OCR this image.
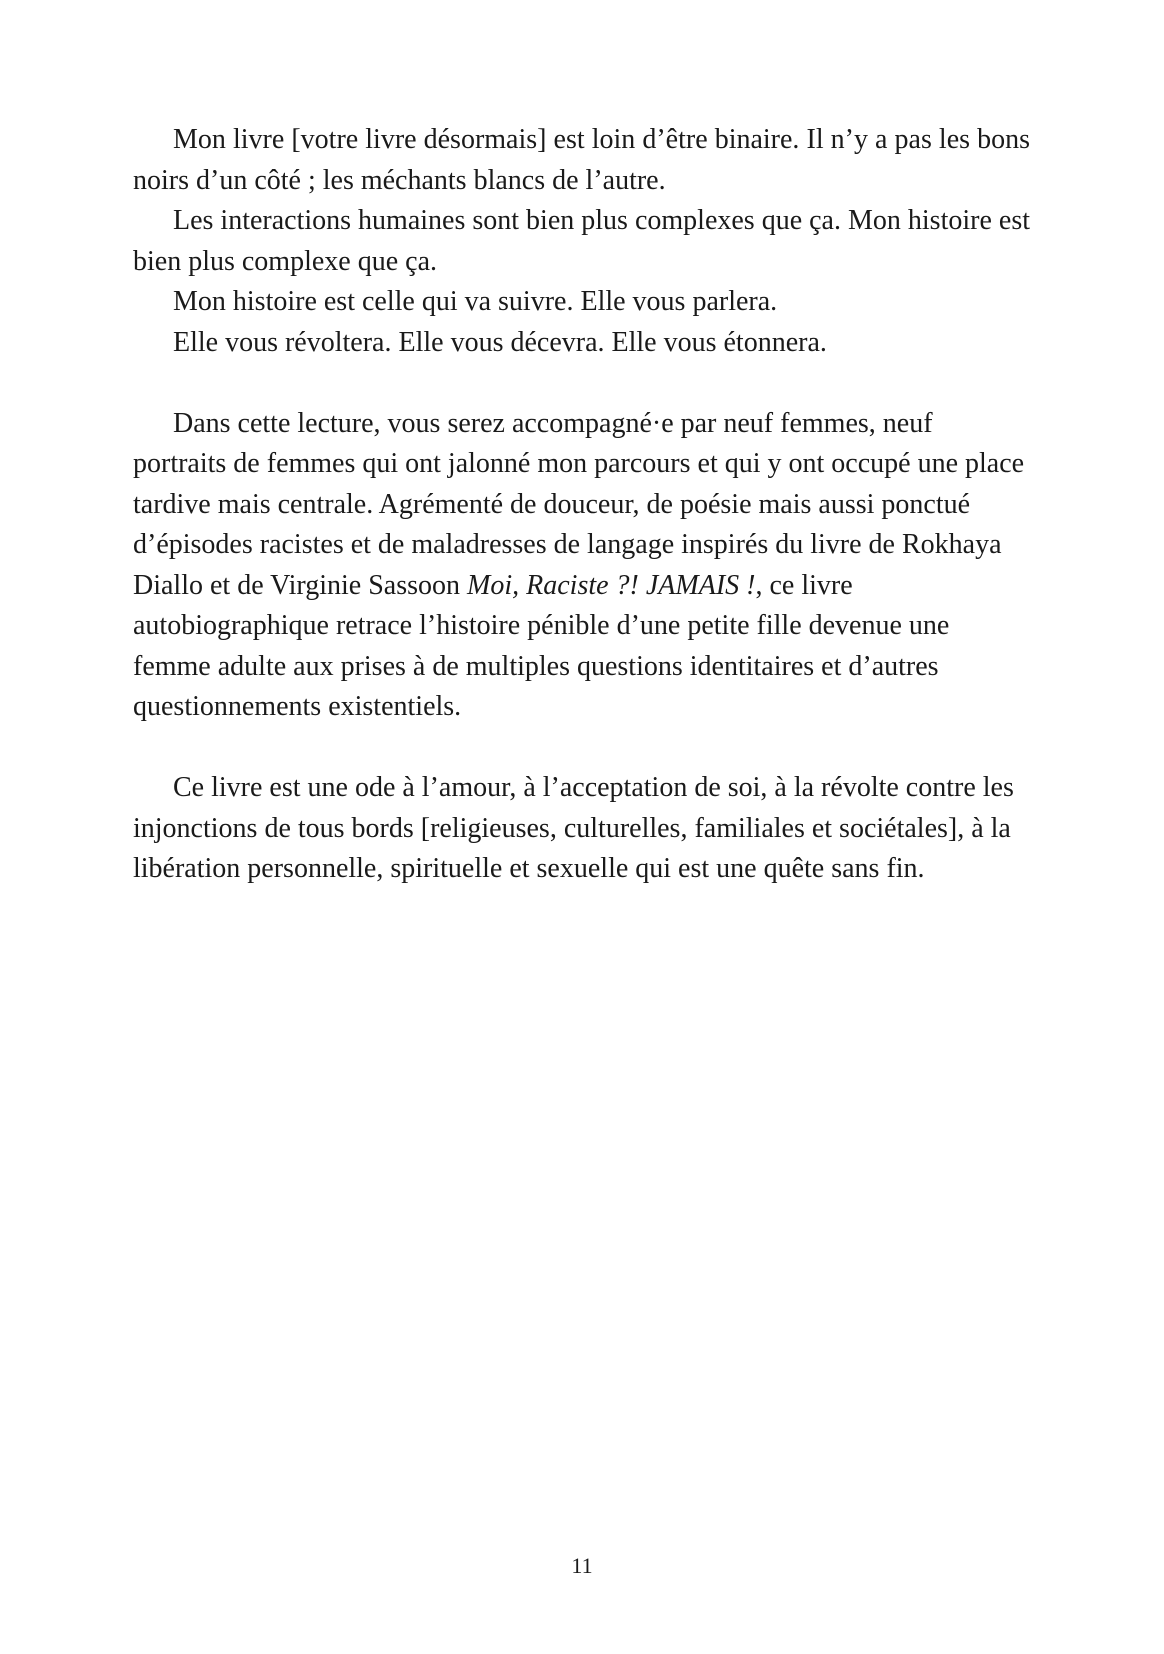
Mon livre [votre livre désormais] est loin d’être binaire. Il n’y a pas les bons noirs d’un côté ; les méchants blancs de l’autre.

Les interactions humaines sont bien plus complexes que ça. Mon histoire est bien plus complexe que ça.

Mon histoire est celle qui va suivre. Elle vous parlera.

Elle vous révoltera. Elle vous décevra. Elle vous étonnera.

Dans cette lecture, vous serez accompagné·e par neuf femmes, neuf portraits de femmes qui ont jalonné mon parcours et qui y ont occupé une place tardive mais centrale. Agrémenté de douceur, de poésie mais aussi ponctué d’épisodes racistes et de maladresses de langage inspirés du livre de Rokhaya Diallo et de Virginie Sassoon Moi, Raciste ?! JAMAIS !, ce livre autobiographique retrace l’histoire pénible d’une petite fille devenue une femme adulte aux prises à de multiples questions identitaires et d’autres questionnements existentiels.

Ce livre est une ode à l’amour, à l’acceptation de soi, à la révolte contre les injonctions de tous bords [religieuses, culturelles, familiales et sociétales], à la libération personnelle, spirituelle et sexuelle qui est une quête sans fin.

11
